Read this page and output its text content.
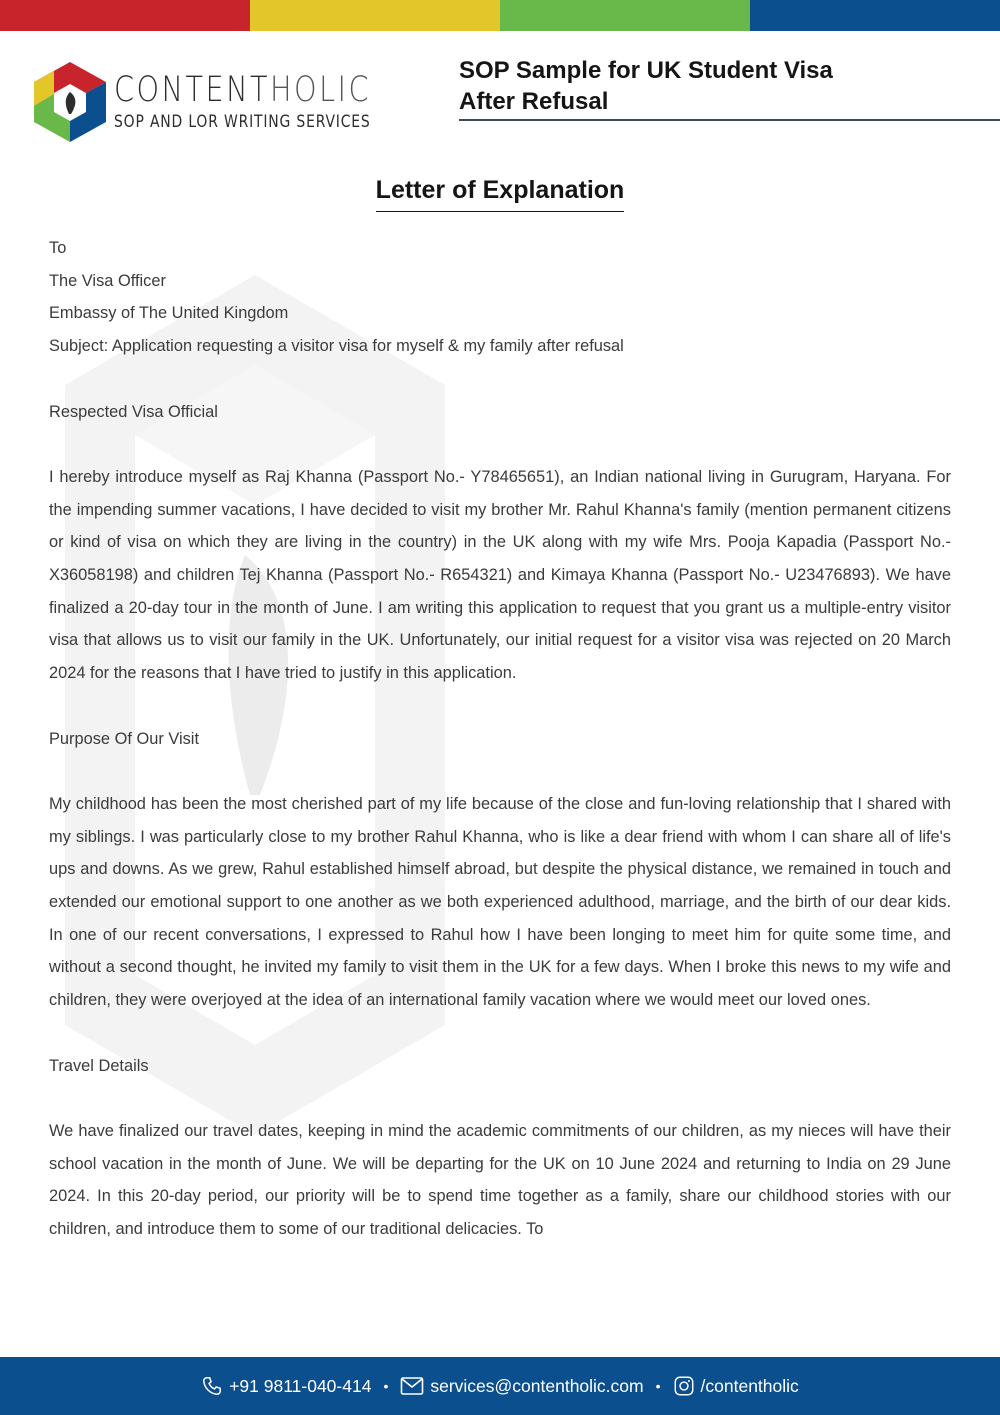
CONTENTHOLIC
SOP AND LOR WRITING SERVICES
SOP Sample for UK Student Visa
After Refusal
Letter of Explanation

To

The Visa Officer

Embassy of The United Kingdom

Subject: Application requesting a visitor visa for myself & my family after refusal

Respected Visa Official

I hereby introduce myself as Raj Khanna (Passport No.- Y78465651), an Indian national living in Gurugram, Haryana. For the impending summer vacations, I have decided to visit my brother Mr. Rahul Khanna's family (mention permanent citizens or kind of visa on which they are living in the country) in the UK along with my wife Mrs. Pooja Kapadia (Passport No.- X36058198) and children Tej Khanna (Passport No.- R654321) and Kimaya Khanna (Passport No.- U23476893). We have finalized a 20-day tour in the month of June. I am writing this application to request that you grant us a multiple-entry visitor visa that allows us to visit our family in the UK. Unfortunately, our initial request for a visitor visa was rejected on 20 March 2024 for the reasons that I have tried to justify in this application.

Purpose Of Our Visit

My childhood has been the most cherished part of my life because of the close and fun-loving relationship that I shared with my siblings. I was particularly close to my brother Rahul Khanna, who is like a dear friend with whom I can share all of life's ups and downs. As we grew, Rahul established himself abroad, but despite the physical distance, we remained in touch and extended our emotional support to one another as we both experienced adulthood, marriage, and the birth of our dear kids. In one of our recent conversations, I expressed to Rahul how I have been longing to meet him for quite some time, and without a second thought, he invited my family to visit them in the UK for a few days. When I broke this news to my wife and children, they were overjoyed at the idea of an international family vacation where we would meet our loved ones.

Travel Details

We have finalized our travel dates, keeping in mind the academic commitments of our children, as my nieces will have their school vacation in the month of June. We will be departing for the UK on 10 June 2024 and returning to India on 29 June 2024. In this 20-day period, our priority will be to spend time together as a family, share our childhood stories with our children, and introduce them to some of our traditional delicacies. To

+91 9811-040-414 • services@contentholic.com • /contentholic
